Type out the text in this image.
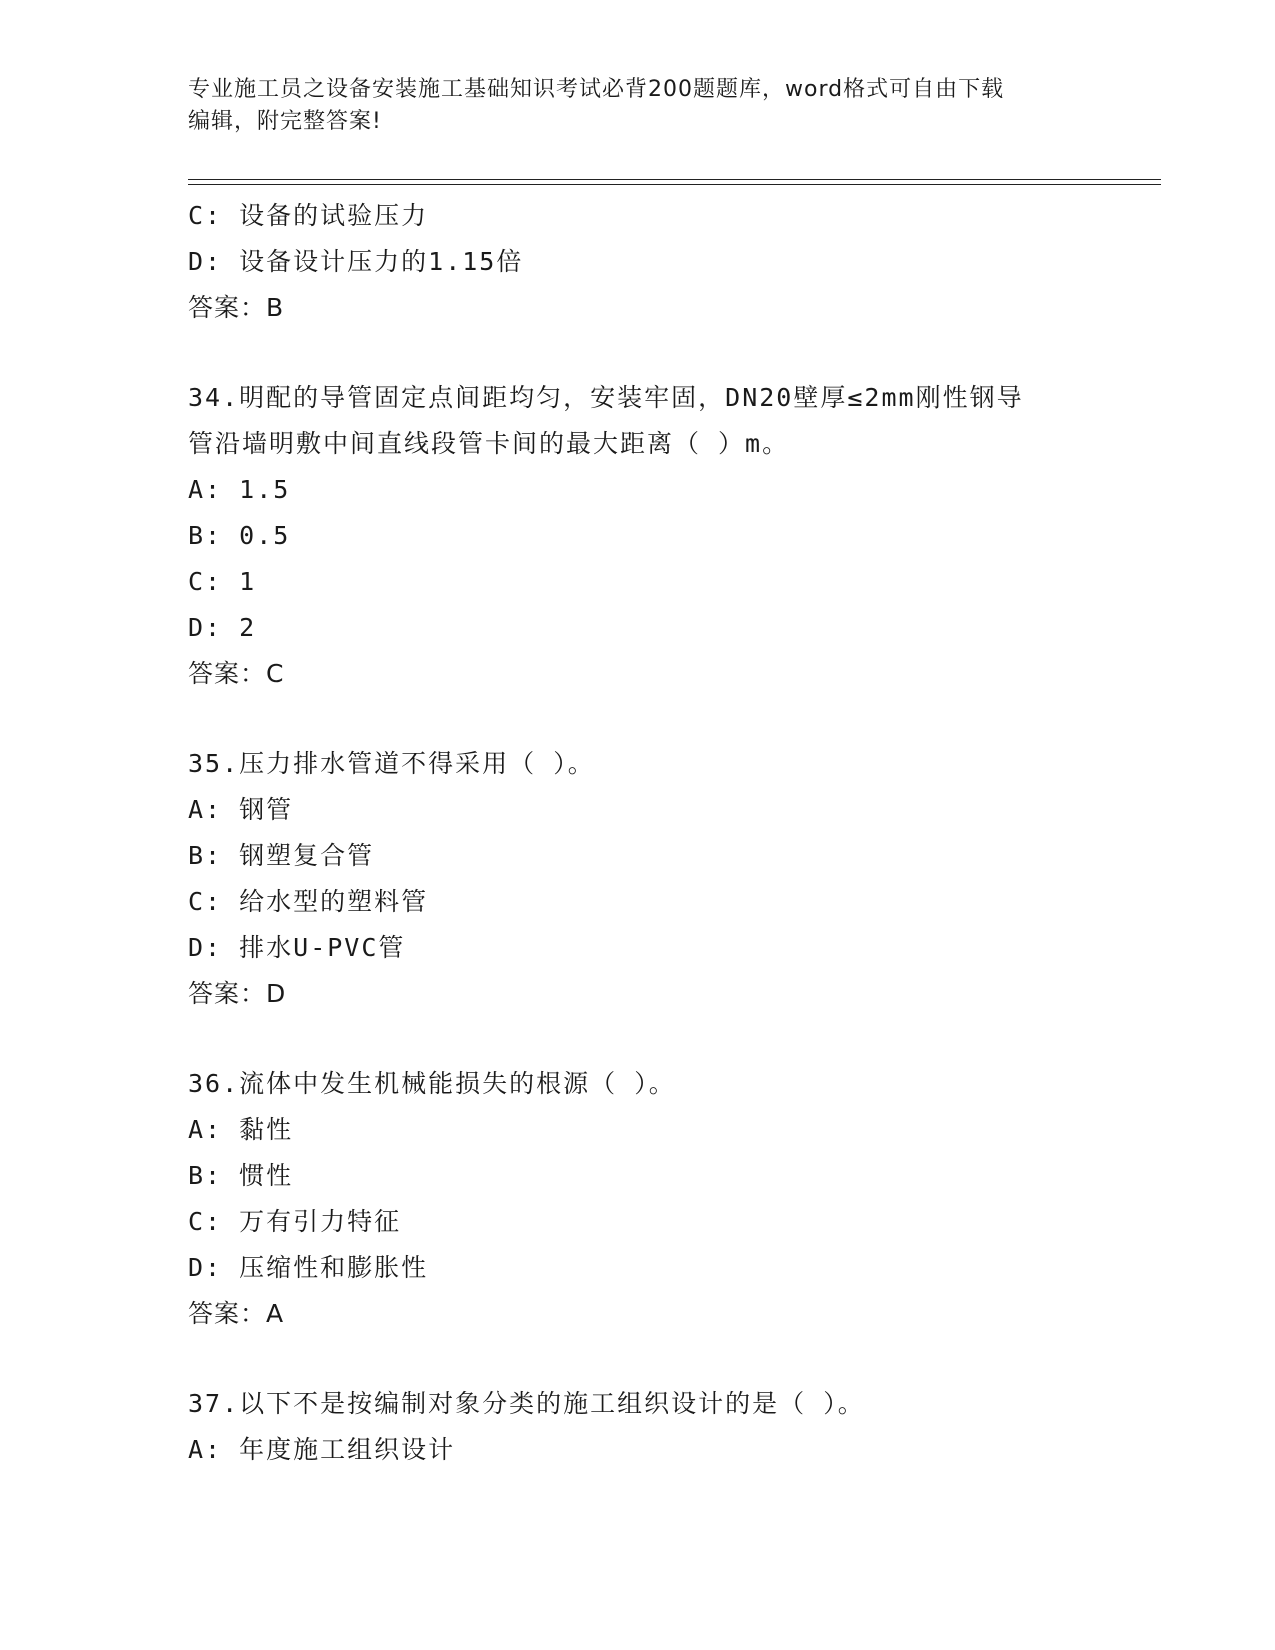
专业施工员之设备安装施工基础知识考试必背200题题库，word格式可自由下载
编辑，附完整答案!
C: 设备的试验压力
D: 设备设计压力的1.15倍
答案：B
34.明配的导管固定点间距均匀，安装牢固，DN20壁厚≤2mm刚性钢导
管沿墙明敷中间直线段管卡间的最大距离（ ）m。
A: 1.5
B: 0.5
C: 1
D: 2
答案：C
35.压力排水管道不得采用（ ）。
A: 钢管
B: 钢塑复合管
C: 给水型的塑料管
D: 排水U-PVC管
答案：D
36.流体中发生机械能损失的根源（ ）。
A: 黏性
B: 惯性
C: 万有引力特征
D: 压缩性和膨胀性
答案：A
37.以下不是按编制对象分类的施工组织设计的是（ ）。
A: 年度施工组织设计
